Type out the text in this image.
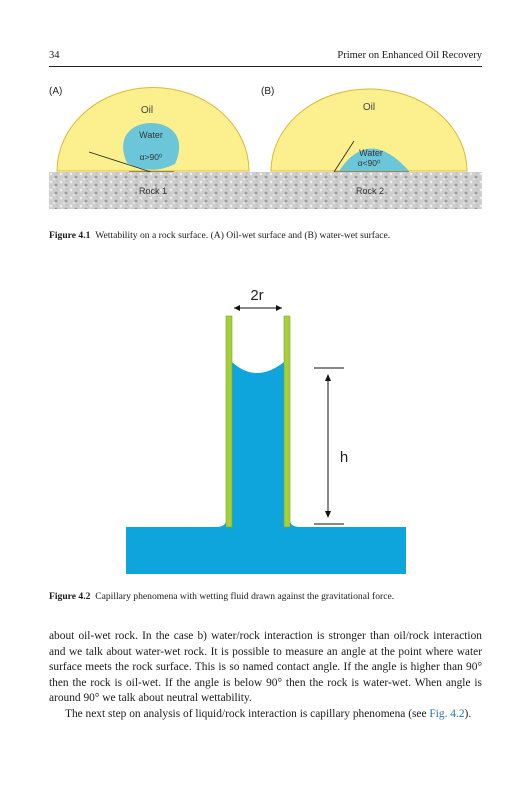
34	Primer on Enhanced Oil Recovery
(A)
Oil
Water
α>90⁰
Rock 1
(B)
Oil
Water
α<90⁰
Rock 2
Figure 4.1 Wettability on a rock surface. (A) Oil-wet surface and (B) water-wet surface.
2r
h
Figure 4.2 Capillary phenomena with wetting fluid drawn against the gravitational force.

about oil-wet rock. In the case b) water/rock interaction is stronger than oil/rock interaction and we talk about water-wet rock. It is possible to measure an angle at the point where water surface meets the rock surface. This is so named contact angle. If the angle is higher than 90° then the rock is oil-wet. If the angle is below 90° then the rock is water-wet. When angle is around 90° we talk about neutral wettability.

The next step on analysis of liquid/rock interaction is capillary phenomena (see Fig. 4.2).
